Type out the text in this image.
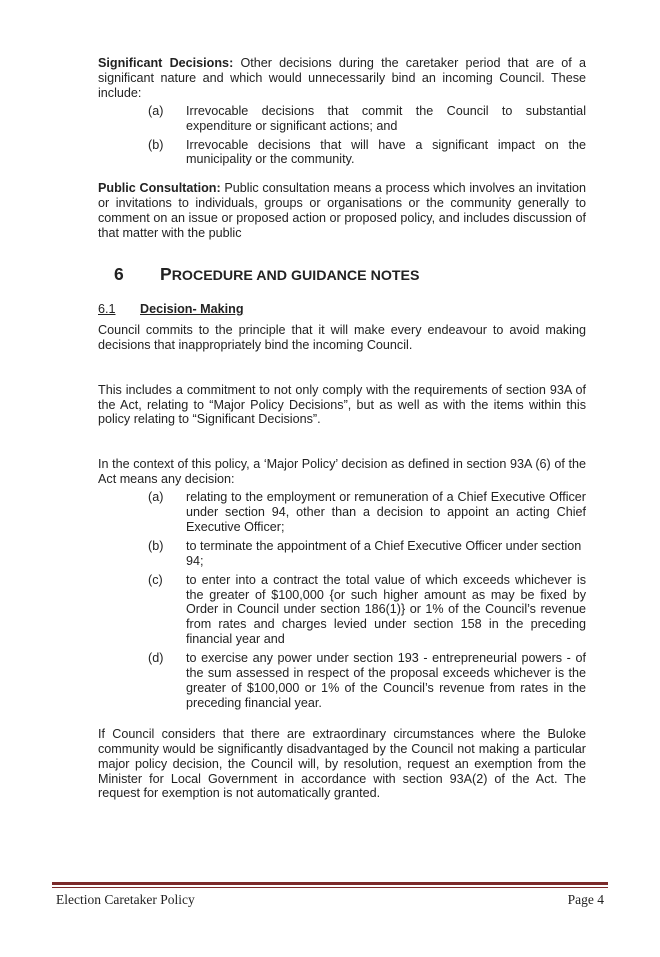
Significant Decisions: Other decisions during the caretaker period that are of a significant nature and which would unnecessarily bind an incoming Council. These include:

(a)	Irrevocable decisions that commit the Council to substantial expenditure or significant actions; and
(b)	Irrevocable decisions that will have a significant impact on the municipality or the community.

Public Consultation: Public consultation means a process which involves an invitation or invitations to individuals, groups or organisations or the community generally to comment on an issue or proposed action or proposed policy, and includes discussion of that matter with the public

6	PROCEDURE AND GUIDANCE NOTES
6.1	Decision- Making

Council commits to the principle that it will make every endeavour to avoid making decisions that inappropriately bind the incoming Council.

This includes a commitment to not only comply with the requirements of section 93A of the Act, relating to “Major Policy Decisions”, but as well as with the items within this policy relating to “Significant Decisions”.

In the context of this policy, a ‘Major Policy’ decision as defined in section 93A (6) of the Act means any decision:

(a)	relating to the employment or remuneration of a Chief Executive Officer under section 94, other than a decision to appoint an acting Chief Executive Officer;
(b)	to terminate the appointment of a Chief Executive Officer under section 94;
(c)	to enter into a contract the total value of which exceeds whichever is the greater of $100,000 {or such higher amount as may be fixed by Order in Council under section 186(1)} or 1% of the Council’s revenue from rates and charges levied under section 158 in the preceding financial year and
(d)	to exercise any power under section 193 - entrepreneurial powers - of the sum assessed in respect of the proposal exceeds whichever is the greater of $100,000 or 1% of the Council’s revenue from rates in the preceding financial year.

If Council considers that there are extraordinary circumstances where the Buloke community would be significantly disadvantaged by the Council not making a particular major policy decision, the Council will, by resolution, request an exemption from the Minister for Local Government in accordance with section 93A(2) of the Act. The request for exemption is not automatically granted.

Election Caretaker Policy	Page 4
